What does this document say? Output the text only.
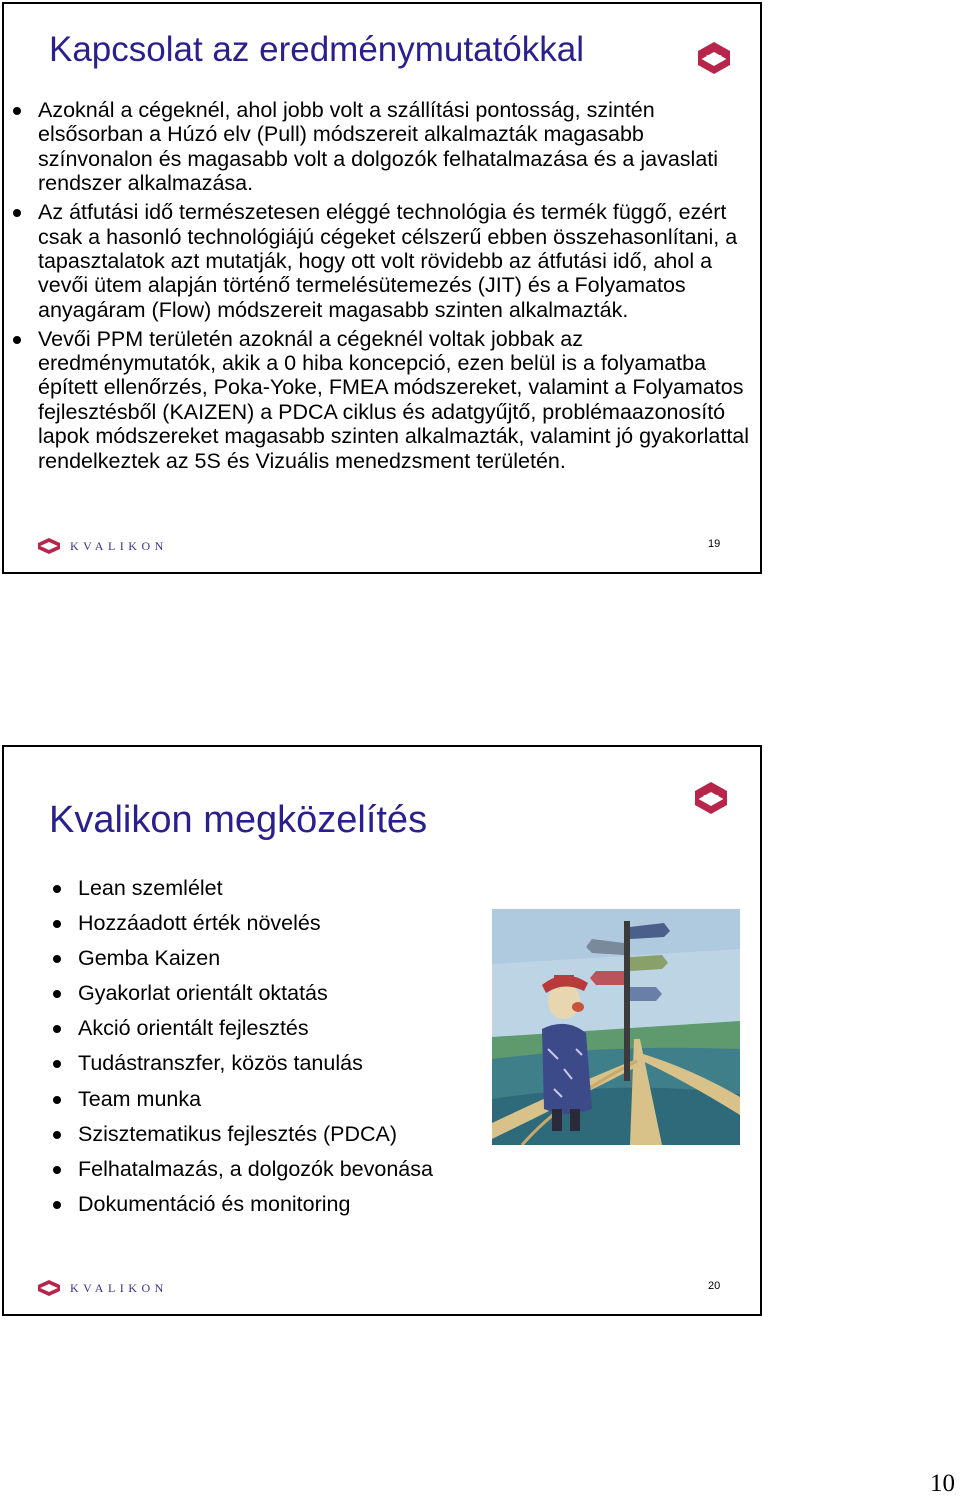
Kapcsolat az eredménymutatókkal
Azoknál a cégeknél, ahol jobb volt a szállítási pontosság, szintén elsősorban a Húzó elv (Pull) módszereit alkalmazták magasabb színvonalon és magasabb volt a dolgozók felhatalmazása és a javaslati rendszer alkalmazása.
Az átfutási idő természetesen eléggé technológia és termék függő, ezért csak a hasonló technológiájú cégeket célszerű ebben összehasonlítani, a tapasztalatok azt mutatják, hogy ott volt rövidebb az átfutási idő, ahol a vevői ütem alapján történő termelésütemezés (JIT) és a Folyamatos anyagáram (Flow) módszereit magasabb szinten alkalmazták.
Vevői PPM területén azoknál a cégeknél voltak jobbak az eredménymutatók, akik a 0 hiba koncepció, ezen belül is a folyamatba épített ellenőrzés, Poka-Yoke, FMEA módszereket, valamint a Folyamatos fejlesztésből (KAIZEN) a PDCA ciklus és adatgyűjtő, problémaazonosító lapok módszereket magasabb szinten alkalmazták, valamint jó gyakorlattal rendelkeztek az 5S és Vizuális menedzsment területén.
KVALIKON	19
Kvalikon megközelítés
Lean szemlélet
Hozzáadott érték növelés
Gemba Kaizen
Gyakorlat orientált oktatás
Akció orientált fejlesztés
Tudástranszfer, közös tanulás
Team munka
Szisztematikus fejlesztés (PDCA)
Felhatalmazás, a dolgozók bevonása
Dokumentáció és monitoring
KVALIKON	20
10
